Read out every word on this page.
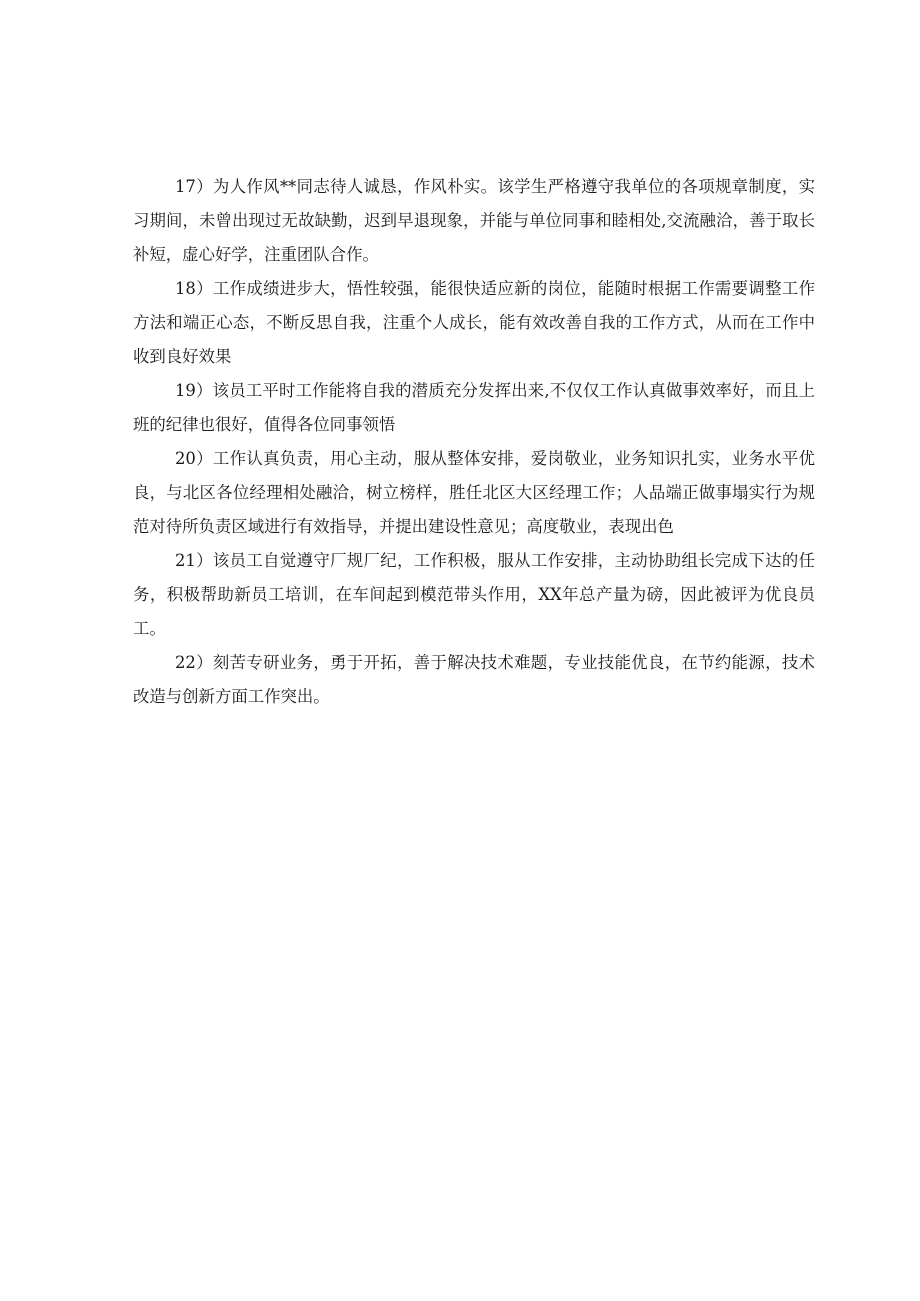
17）为人作风**同志待人诚恳，作风朴实。该学生严格遵守我单位的各项规章制度，实习期间，未曾出现过无故缺勤，迟到早退现象，并能与单位同事和睦相处,交流融洽，善于取长补短，虚心好学，注重团队合作。

18）工作成绩进步大，悟性较强，能很快适应新的岗位，能随时根据工作需要调整工作方法和端正心态，不断反思自我，注重个人成长，能有效改善自我的工作方式，从而在工作中收到良好效果

19）该员工平时工作能将自我的潜质充分发挥出来,不仅仅工作认真做事效率好，而且上班的纪律也很好，值得各位同事领悟

20）工作认真负责，用心主动，服从整体安排，爱岗敬业，业务知识扎实，业务水平优良，与北区各位经理相处融洽，树立榜样，胜任北区大区经理工作；人品端正做事塌实行为规范对待所负责区域进行有效指导，并提出建设性意见；高度敬业，表现出色

21）该员工自觉遵守厂规厂纪，工作积极，服从工作安排，主动协助组长完成下达的任务，积极帮助新员工培训，在车间起到模范带头作用，XX年总产量为磅，因此被评为优良员工。

22）刻苦专研业务，勇于开拓，善于解决技术难题，专业技能优良，在节约能源，技术改造与创新方面工作突出。
